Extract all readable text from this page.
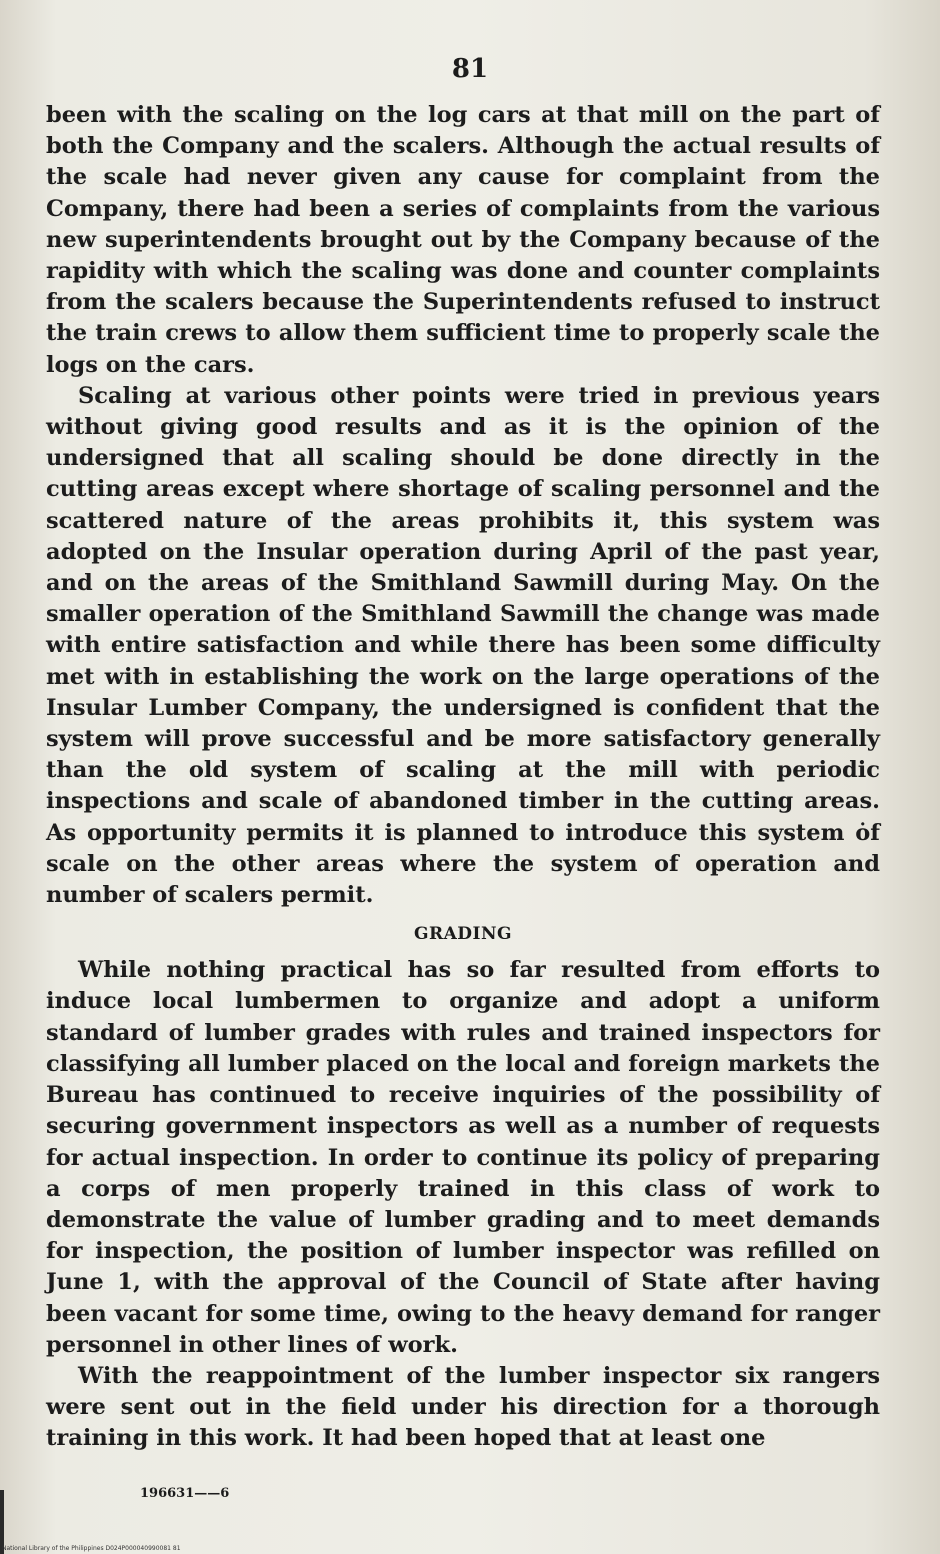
81

been with the scaling on the log cars at that mill on the part of both the Company and the scalers. Although the actual results of the scale had never given any cause for complaint from the Company, there had been a series of complaints from the various new superintendents brought out by the Company because of the rapidity with which the scaling was done and counter complaints from the scalers because the Superintendents refused to instruct the train crews to allow them sufficient time to properly scale the logs on the cars.

Scaling at various other points were tried in previous years without giving good results and as it is the opinion of the undersigned that all scaling should be done directly in the cutting areas except where shortage of scaling personnel and the scattered nature of the areas prohibits it, this system was adopted on the Insular operation during April of the past year, and on the areas of the Smithland Sawmill during May. On the smaller operation of the Smithland Sawmill the change was made with entire satisfaction and while there has been some difficulty met with in establishing the work on the large operations of the Insular Lumber Company, the undersigned is confident that the system will prove successful and be more satisfactory generally than the old system of scaling at the mill with periodic inspections and scale of abandoned timber in the cutting areas. As opportunity permits it is planned to introduce this system ȯf scale on the other areas where the system of operation and number of scalers permit.

GRADING

While nothing practical has so far resulted from efforts to induce local lumbermen to organize and adopt a uniform standard of lumber grades with rules and trained inspectors for classifying all lumber placed on the local and foreign markets the Bureau has continued to receive inquiries of the possibility of securing government inspectors as well as a number of requests for actual inspection. In order to continue its policy of preparing a corps of men properly trained in this class of work to demonstrate the value of lumber grading and to meet demands for inspection, the position of lumber inspector was refilled on June 1, with the approval of the Council of State after having been vacant for some time, owing to the heavy demand for ranger personnel in other lines of work.

With the reappointment of the lumber inspector six rangers were sent out in the field under his direction for a thorough training in this work. It had been hoped that at least one

196631——6
National Library of the Philippines D024P000040990081 81
